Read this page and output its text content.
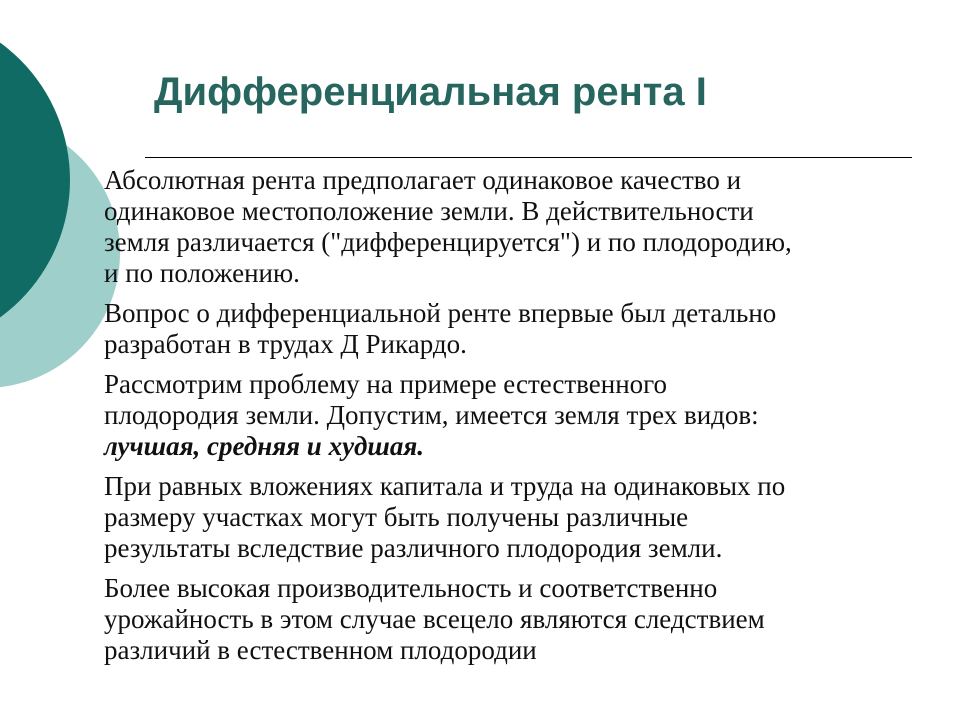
Дифференциальная рента I

Абсолютная рента предполагает одинаковое качество и
одинаковое местоположение земли. В действительности
земля различается ("дифференцируется") и по плодородию,
и по положению.

Вопрос о дифференциальной ренте впервые был детально
разработан в трудах Д Рикардо.

Рассмотрим проблему на примере естественного
плодородия земли. Допустим, имеется земля трех видов:
лучшая, средняя и худшая.

При равных вложениях капитала и труда на одинаковых по
размеру участках могут быть получены различные
результаты вследствие различного плодородия земли.

Более высокая производительность и соответственно
урожайность в этом случае всецело являются следствием
различий в естественном плодородии
